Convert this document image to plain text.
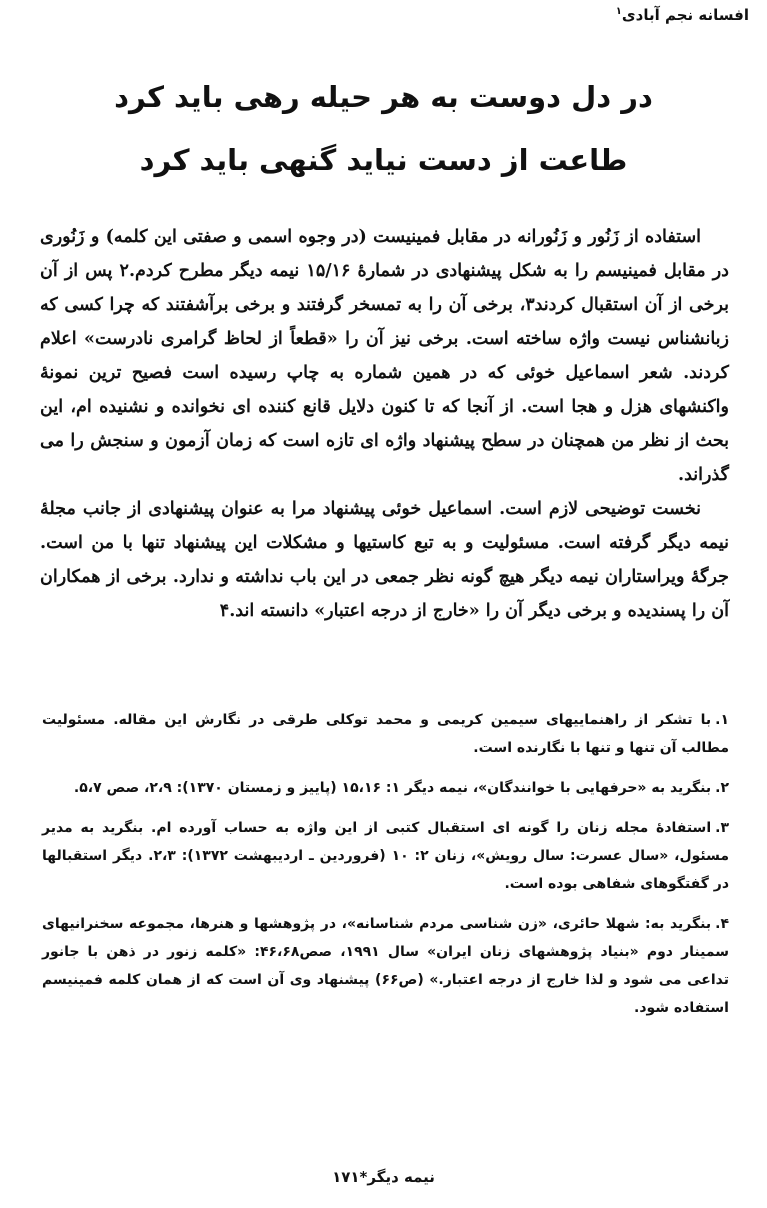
افسانه نجم آبادی$^١$
در دل دوست به هر حیله رهی باید کرد
طاعت از دست نیاید گنهی باید کرد

استفاده از زَنُور و زَنُورانه در مقابل فمینیست (در وجوه اسمی و صفتی این کلمه) و زَنُوری در مقابل فمینیسم را به شکل پیشنهادی در شمارهٔ ۱۵/۱۶ نیمه دیگر مطرح کردم.٢ پس از آن برخی از آن استقبال کردند٣، برخی آن را به تمسخر گرفتند و برخی برآشفتند که چرا کسی که زبانشناس نیست واژه ساخته است. برخی نیز آن را «قطعاً از لحاظ گرامری نادرست» اعلام کردند. شعر اسماعیل خوئی که در همین شماره به چاپ رسیده است فصیح ترین نمونهٔ واکنشهای هزل و هجا است. از آنجا که تا کنون دلایل قانع کننده ای نخوانده و نشنیده ام، این بحث از نظر من همچنان در سطح پیشنهاد واژه ای تازه است که زمان آزمون و سنجش را می گذراند.

نخست توضیحی لازم است. اسماعیل خوئی پیشنهاد مرا به عنوان پیشنهادی از جانب مجلهٔ نیمه دیگر گرفته است. مسئولیت و به تبع کاستیها و مشکلات این پیشنهاد تنها با من است. جرگهٔ ویراستاران نیمه دیگر هیچ گونه نظر جمعی در این باب نداشته و ندارد. برخی از همکاران آن را پسندیده و برخی دیگر آن را «خارج از درجه اعتبار» دانسته اند.۴

١.با تشکر از راهنماییهای سیمین کریمی و محمد توکلی طرقی در نگارش این مقاله. مسئولیت مطالب آن تنها و تنها با نگارنده است.

٢.بنگرید به «حرفهایی با خوانندگان»، نیمه دیگر ١: ١۵،١۶ (پاییز و زمستان ١٣٧٠): ٢،٩، صص ۵،٧.

٣.استفادهٔ مجله زنان را گونه ای استقبال کتبی از این واژه به حساب آورده ام. بنگرید به مدیر مسئول، «سال عسرت: سال رویش»، زنان ٢: ١٠ (فروردین ـ اردیبهشت ١٣٧٢): ٢،٣. دیگر استقبالها در گفتگوهای شفاهی بوده است.

۴.بنگرید به: شهلا حائری، «زن شناسی مردم شناسانه»، در پژوهشها و هنرها، مجموعه سخنرانیهای سمینار دوم «بنیاد پژوهشهای زنان ایران» سال ١٩٩١، صص۴۶،۶٨: «کلمه زنور در ذهن با جانور تداعی می شود و لذا خارج از درجه اعتبار.» (ص۶۶) پیشنهاد وی آن است که از همان کلمه فمینیسم استفاده شود.

نیمه دیگر*١٧١
